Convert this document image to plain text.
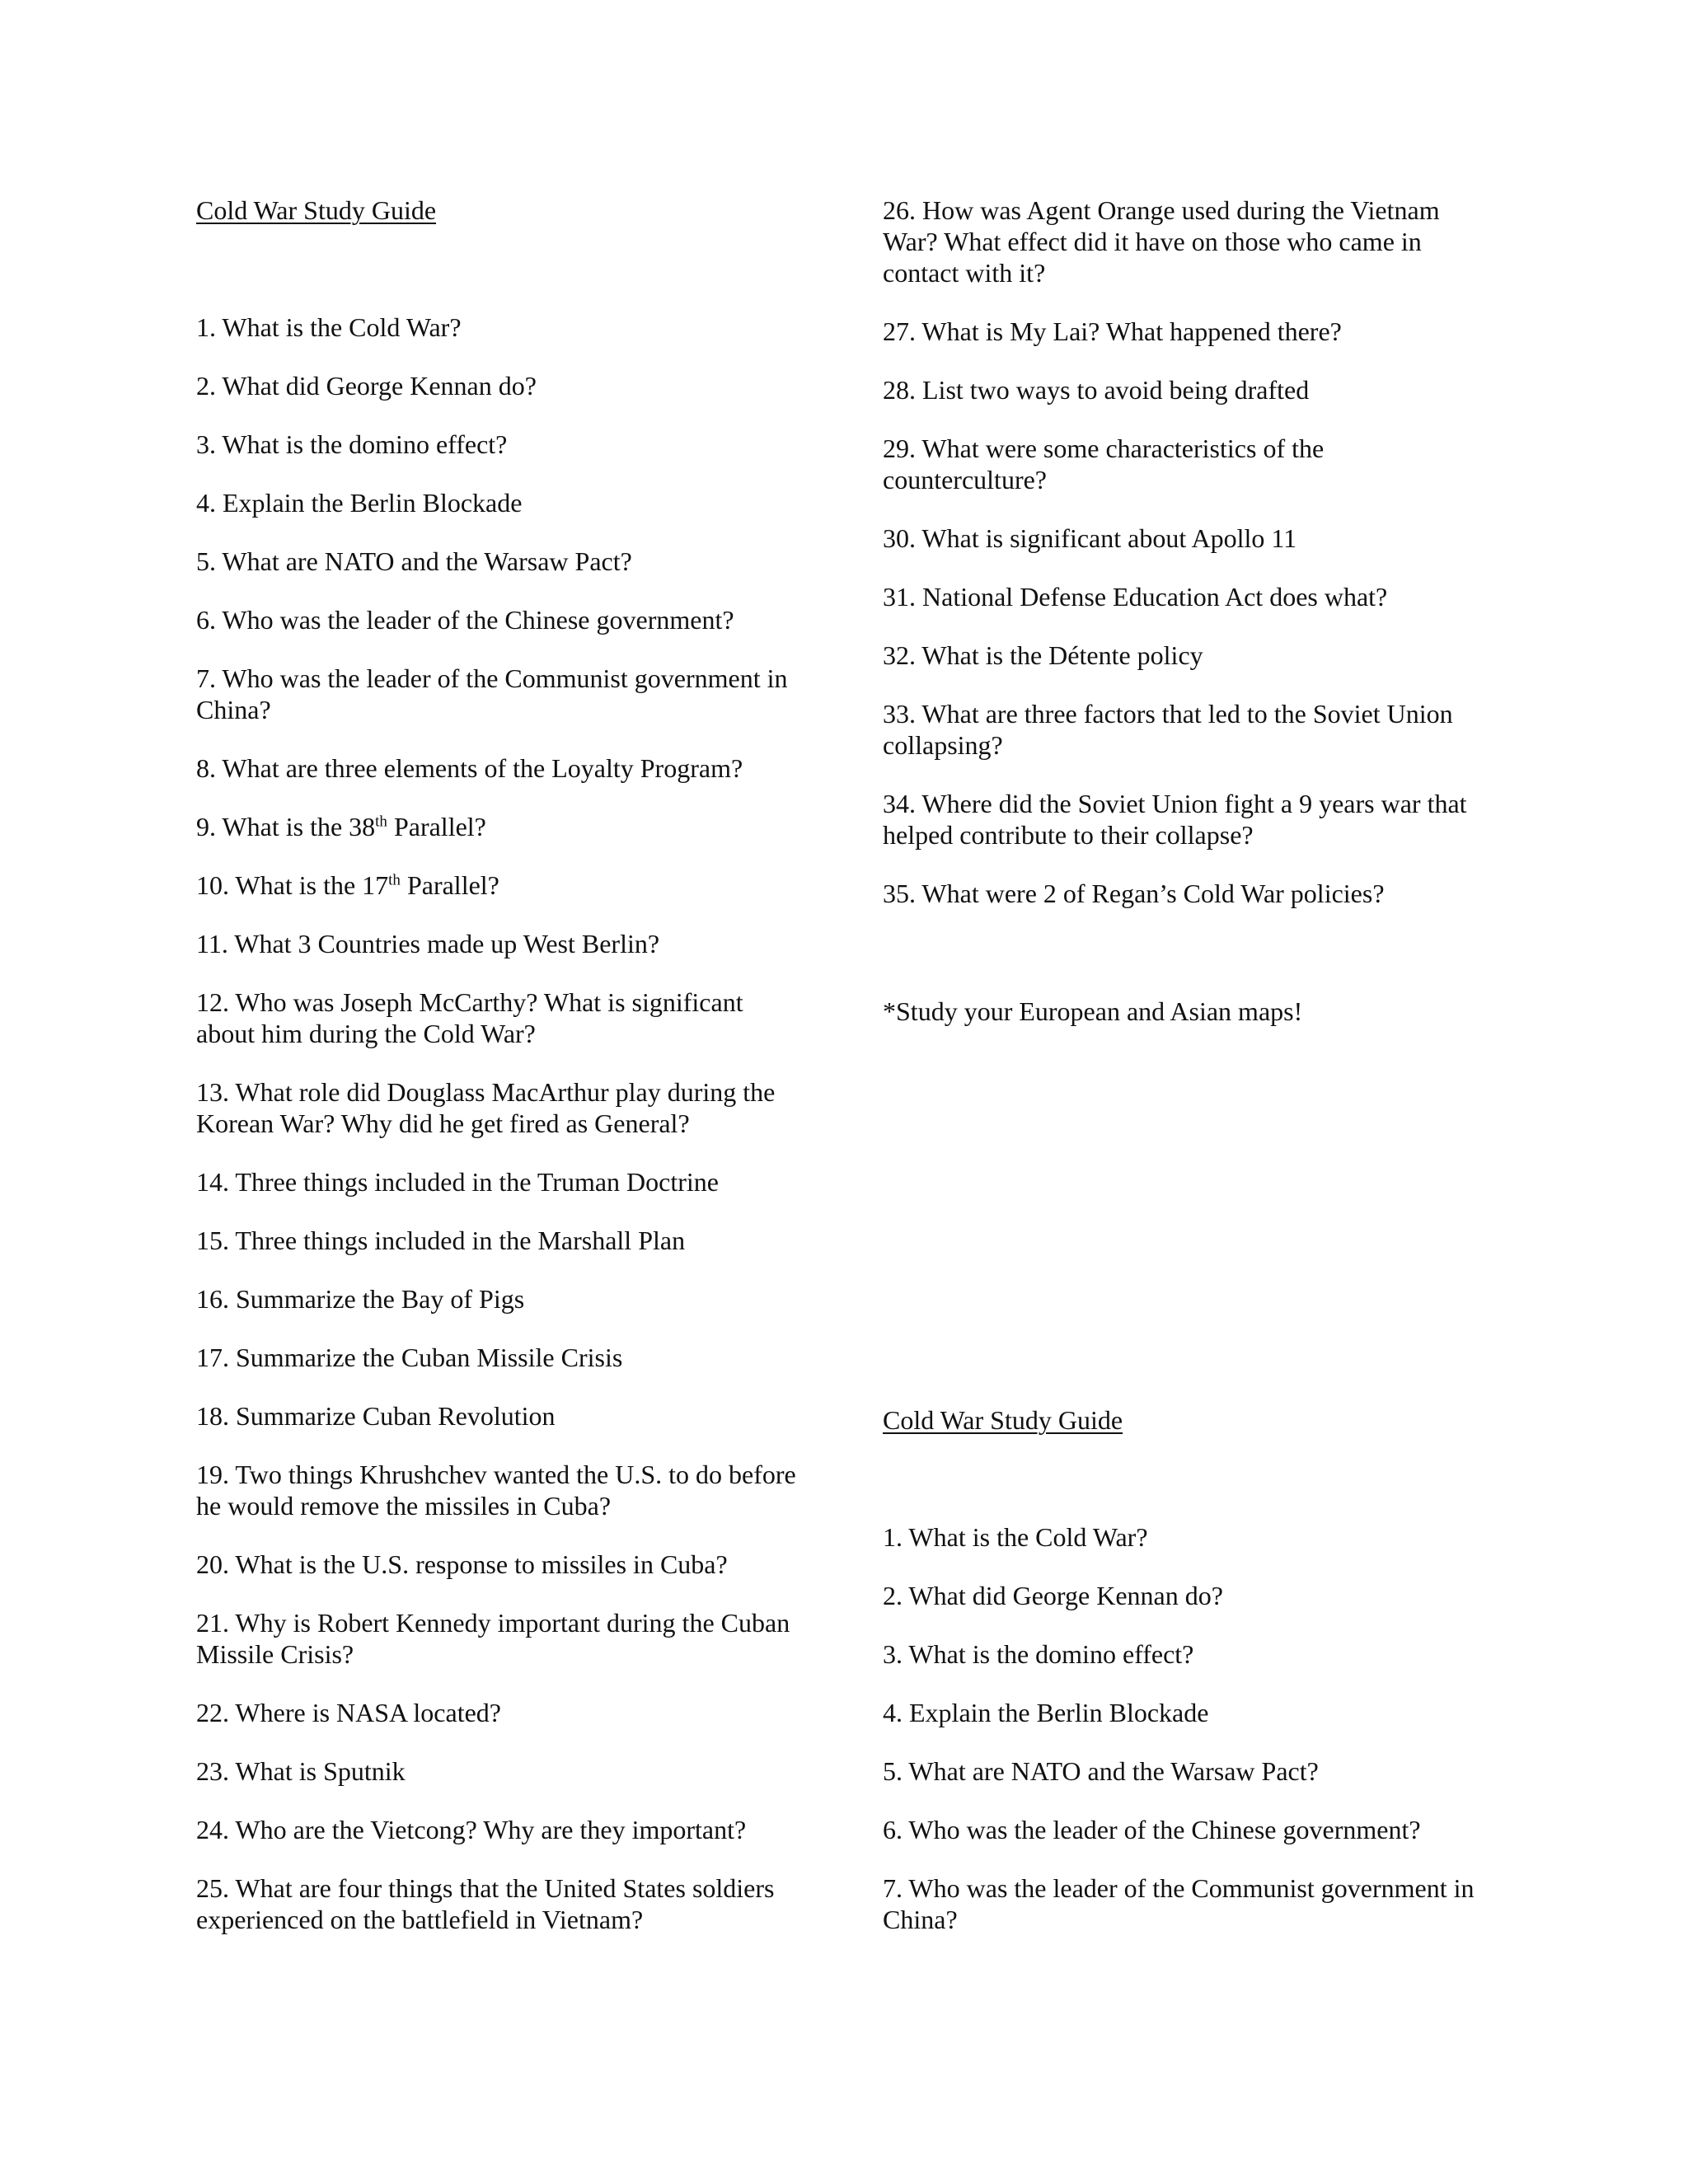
Cold War Study Guide
1. What is the Cold War?
2. What did George Kennan do?
3. What is the domino effect?
4. Explain the Berlin Blockade
5. What are NATO and the Warsaw Pact?
6. Who was the leader of the Chinese government?
7. Who was the leader of the Communist government in China?
8. What are three elements of the Loyalty Program?
9. What is the 38th Parallel?
10. What is the 17th Parallel?
11. What 3 Countries made up West Berlin?
12. Who was Joseph McCarthy? What is significant about him during the Cold War?
13. What role did Douglass MacArthur play during the Korean War? Why did he get fired as General?
14. Three things included in the Truman Doctrine
15. Three things included in the Marshall Plan
16. Summarize the Bay of Pigs
17. Summarize the Cuban Missile Crisis
18. Summarize Cuban Revolution
19. Two things Khrushchev wanted the U.S. to do before he would remove the missiles in Cuba?
20. What is the U.S. response to missiles in Cuba?
21. Why is Robert Kennedy important during the Cuban Missile Crisis?
22. Where is NASA located?
23. What is Sputnik
24. Who are the Vietcong? Why are they important?
25. What are four things that the United States soldiers experienced on the battlefield in Vietnam?
26. How was Agent Orange used during the Vietnam War? What effect did it have on those who came in contact with it?
27. What is My Lai? What happened there?
28. List two ways to avoid being drafted
29. What were some characteristics of the counterculture?
30. What is significant about Apollo 11
31. National Defense Education Act does what?
32. What is the Détente policy
33. What are three factors that led to the Soviet Union collapsing?
34. Where did the Soviet Union fight a 9 years war that helped contribute to their collapse?
35. What were 2 of Regan’s Cold War policies?
*Study your European and Asian maps!
Cold War Study Guide
1. What is the Cold War?
2. What did George Kennan do?
3. What is the domino effect?
4. Explain the Berlin Blockade
5. What are NATO and the Warsaw Pact?
6. Who was the leader of the Chinese government?
7. Who was the leader of the Communist government in China?
